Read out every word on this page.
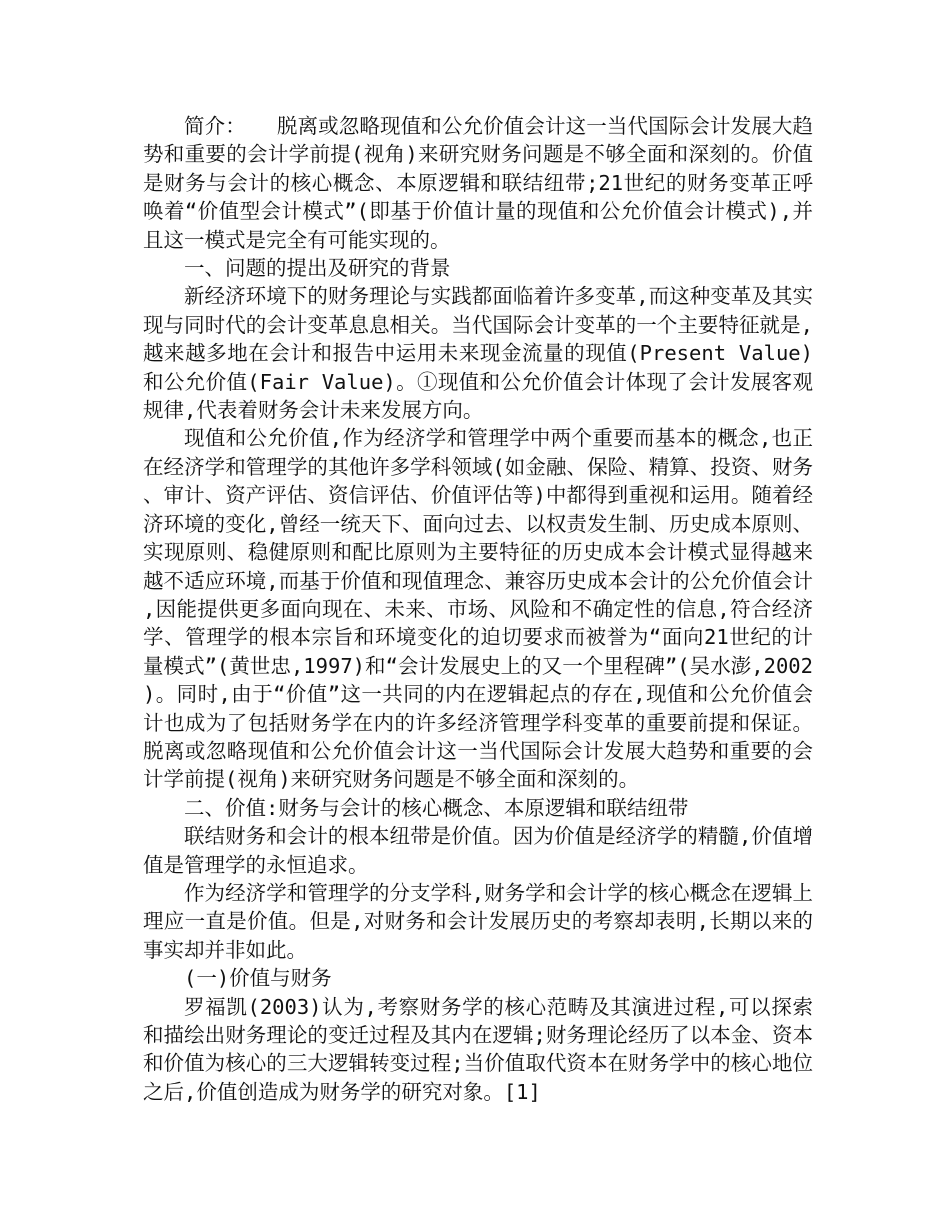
简介：　　脱离或忽略现值和公允价值会计这一当代国际会计发展大趋势和重要的会计学前提(视角)来研究财务问题是不够全面和深刻的。价值是财务与会计的核心概念、本原逻辑和联结纽带;21世纪的财务变革正呼唤着“价值型会计模式”(即基于价值计量的现值和公允价值会计模式),并且这一模式是完全有可能实现的。

一、问题的提出及研究的背景

新经济环境下的财务理论与实践都面临着许多变革,而这种变革及其实现与同时代的会计变革息息相关。当代国际会计变革的一个主要特征就是,越来越多地在会计和报告中运用未来现金流量的现值(Present Value)和公允价值(Fair Value)。①现值和公允价值会计体现了会计发展客观规律,代表着财务会计未来发展方向。

现值和公允价值,作为经济学和管理学中两个重要而基本的概念,也正在经济学和管理学的其他许多学科领域(如金融、保险、精算、投资、财务、审计、资产评估、资信评估、价值评估等)中都得到重视和运用。随着经济环境的变化,曾经一统天下、面向过去、以权责发生制、历史成本原则、实现原则、稳健原则和配比原则为主要特征的历史成本会计模式显得越来越不适应环境,而基于价值和现值理念、兼容历史成本会计的公允价值会计,因能提供更多面向现在、未来、市场、风险和不确定性的信息,符合经济学、管理学的根本宗旨和环境变化的迫切要求而被誉为“面向21世纪的计量模式”(黄世忠,1997)和“会计发展史上的又一个里程碑”(吴水澎,2002)。同时,由于“价值”这一共同的内在逻辑起点的存在,现值和公允价值会计也成为了包括财务学在内的许多经济管理学科变革的重要前提和保证。脱离或忽略现值和公允价值会计这一当代国际会计发展大趋势和重要的会计学前提(视角)来研究财务问题是不够全面和深刻的。

二、价值:财务与会计的核心概念、本原逻辑和联结纽带

联结财务和会计的根本纽带是价值。因为价值是经济学的精髓,价值增值是管理学的永恒追求。

作为经济学和管理学的分支学科,财务学和会计学的核心概念在逻辑上理应一直是价值。但是,对财务和会计发展历史的考察却表明,长期以来的事实却并非如此。

(一)价值与财务

罗福凯(2003)认为,考察财务学的核心范畴及其演进过程,可以探索和描绘出财务理论的变迁过程及其内在逻辑;财务理论经历了以本金、资本和价值为核心的三大逻辑转变过程;当价值取代资本在财务学中的核心地位之后,价值创造成为财务学的研究对象。[1]
